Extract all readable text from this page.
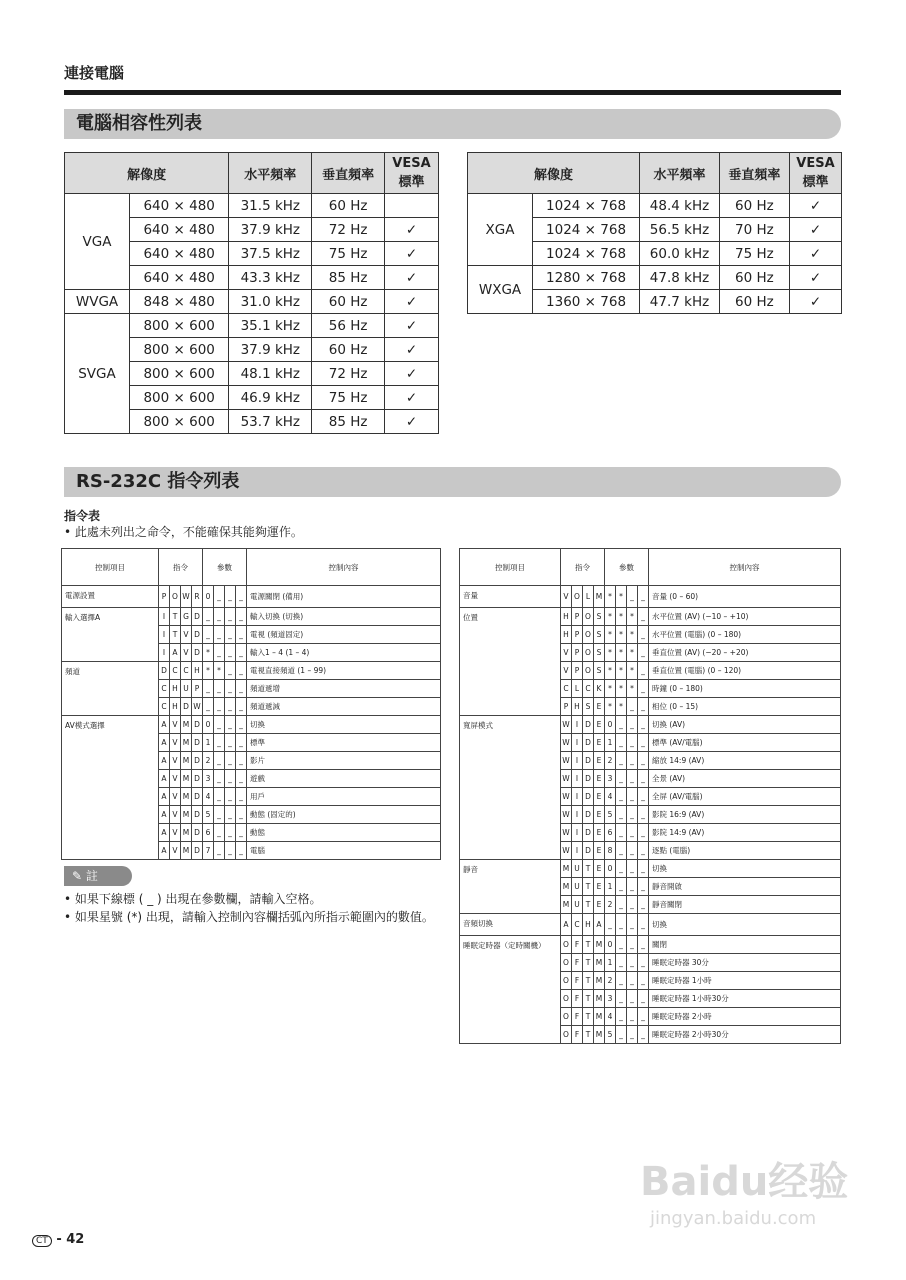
連接電腦
電腦相容性列表
解像度		水平頻率	垂直頻率	VESA
標準
VGA	640 × 480	31.5 kHz	60 Hz	
	640 × 480	37.9 kHz	72 Hz	✓
	640 × 480	37.5 kHz	75 Hz	✓
	640 × 480	43.3 kHz	85 Hz	✓
WVGA	848 × 480	31.0 kHz	60 Hz	✓
SVGA	800 × 600	35.1 kHz	56 Hz	✓
	800 × 600	37.9 kHz	60 Hz	✓
	800 × 600	48.1 kHz	72 Hz	✓
	800 × 600	46.9 kHz	75 Hz	✓
	800 × 600	53.7 kHz	85 Hz	✓
解像度		水平頻率	垂直頻率	VESA
標準
XGA	1024 × 768	48.4 kHz	60 Hz	✓
	1024 × 768	56.5 kHz	70 Hz	✓
	1024 × 768	60.0 kHz	75 Hz	✓
WXGA	1280 × 768	47.8 kHz	60 Hz	✓
	1360 × 768	47.7 kHz	60 Hz	✓
RS-232C 指令列表
指令表
• 此處未列出之命令，不能確保其能夠運作。
控制項目	指令				參數				控制內容
電源設置	P	O	W	R	0	_	_	_	電源關閉 (備用)
輸入選擇A	I	T	G	D	_	_	_	_	輸入切換 (切換)
	I	T	V	D	_	_	_	_	電視 (頻道固定)
	I	A	V	D	*	_	_	_	輸入1 – 4 (1 – 4)
頻道	D	C	C	H	*	*	_	_	電視直接頻道 (1 – 99)
	C	H	U	P	_	_	_	_	頻道遞增
	C	H	D	W	_	_	_	_	頻道遞減
AV模式選擇	A	V	M	D	0	_	_	_	切換
	A	V	M	D	1	_	_	_	標準
	A	V	M	D	2	_	_	_	影片
	A	V	M	D	3	_	_	_	遊戲
	A	V	M	D	4	_	_	_	用戶
	A	V	M	D	5	_	_	_	動態 (固定的)
	A	V	M	D	6	_	_	_	動態
	A	V	M	D	7	_	_	_	電腦
控制項目	指令				參數				控制內容
音量	V	O	L	M	*	*	_	_	音量 (0 – 60)
位置	H	P	O	S	*	*	*	_	水平位置 (AV) (−10 – +10)
	H	P	O	S	*	*	*	_	水平位置 (電腦) (0 – 180)
	V	P	O	S	*	*	*	_	垂直位置 (AV) (−20 – +20)
	V	P	O	S	*	*	*	_	垂直位置 (電腦) (0 – 120)
	C	L	C	K	*	*	*	_	時鐘 (0 – 180)
	P	H	S	E	*	*	_	_	相位 (0 – 15)
寬屏模式	W	I	D	E	0	_	_	_	切換 (AV)
	W	I	D	E	1	_	_	_	標準 (AV/電腦)
	W	I	D	E	2	_	_	_	縮放 14:9 (AV)
	W	I	D	E	3	_	_	_	全景 (AV)
	W	I	D	E	4	_	_	_	全屏 (AV/電腦)
	W	I	D	E	5	_	_	_	影院 16:9 (AV)
	W	I	D	E	6	_	_	_	影院 14:9 (AV)
	W	I	D	E	8	_	_	_	逐點 (電腦)
靜音	M	U	T	E	0	_	_	_	切換
	M	U	T	E	1	_	_	_	靜音開啟
	M	U	T	E	2	_	_	_	靜音關閉
音頻切換	A	C	H	A	_	_	_	_	切換
睡眠定時器（定時關機）	O	F	T	M	0	_	_	_	關閉
	O	F	T	M	1	_	_	_	睡眠定時器 30分
	O	F	T	M	2	_	_	_	睡眠定時器 1小時
	O	F	T	M	3	_	_	_	睡眠定時器 1小時30分
	O	F	T	M	4	_	_	_	睡眠定時器 2小時
	O	F	T	M	5	_	_	_	睡眠定時器 2小時30分
✎ 註
• 如果下線標 ( _ ) 出現在參數欄，請輸入空格。
• 如果星號 (*) 出現，請輸入控制內容欄括弧內所指示範圍內的數值。
Baidu经验
jingyan.baidu.com
CT - 42
